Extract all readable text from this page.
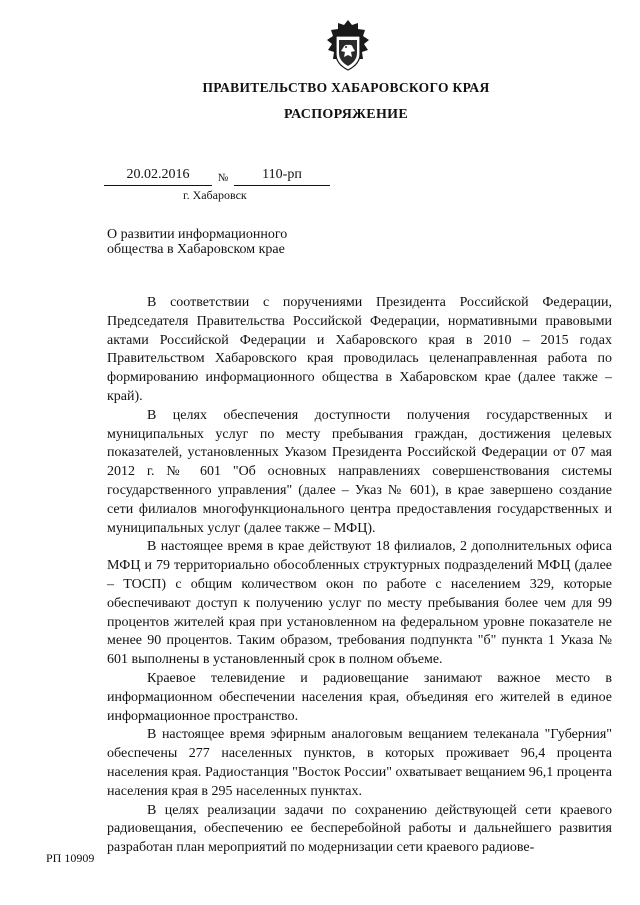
ПРАВИТЕЛЬСТВО ХАБАРОВСКОГО КРАЯ
РАСПОРЯЖЕНИЕ
20.02.2016	№	110-рп
г. Хабаровск
О развитии информационного
общества в Хабаровском крае

В соответствии с поручениями Президента Российской Федерации, Председателя Правительства Российской Федерации, нормативными правовыми актами Российской Федерации и Хабаровского края в 2010 – 2015 годах Правительством Хабаровского края проводилась целенаправленная работа по формированию информационного общества в Хабаровском крае (далее также – край).

В целях обеспечения доступности получения государственных и муниципальных услуг по месту пребывания граждан, достижения целевых показателей, установленных Указом Президента Российской Федерации от 07 мая 2012 г. № 601 "Об основных направлениях совершенствования системы государственного управления" (далее – Указ № 601), в крае завершено создание сети филиалов многофункционального центра предоставления государственных и муниципальных услуг (далее также – МФЦ).

В настоящее время в крае действуют 18 филиалов, 2 дополнительных офиса МФЦ и 79 территориально обособленных структурных подразделений МФЦ (далее – ТОСП) с общим количеством окон по работе с населением 329, которые обеспечивают доступ к получению услуг по месту пребывания более чем для 99 процентов жителей края при установленном на федеральном уровне показателе не менее 90 процентов. Таким образом, требования подпункта "б" пункта 1 Указа № 601 выполнены в установленный срок в полном объеме.

Краевое телевидение и радиовещание занимают важное место в информационном обеспечении населения края, объединяя его жителей в единое информационное пространство.

В настоящее время эфирным аналоговым вещанием телеканала "Губерния" обеспечены 277 населенных пунктов, в которых проживает 96,4 процента населения края. Радиостанция "Восток России" охватывает вещанием 96,1 процента населения края в 295 населенных пунктах.

В целях реализации задачи по сохранению действующей сети краевого радиовещания, обеспечению ее бесперебойной работы и дальнейшего развития разработан план мероприятий по модернизации сети краевого радиове-

РП 10909
